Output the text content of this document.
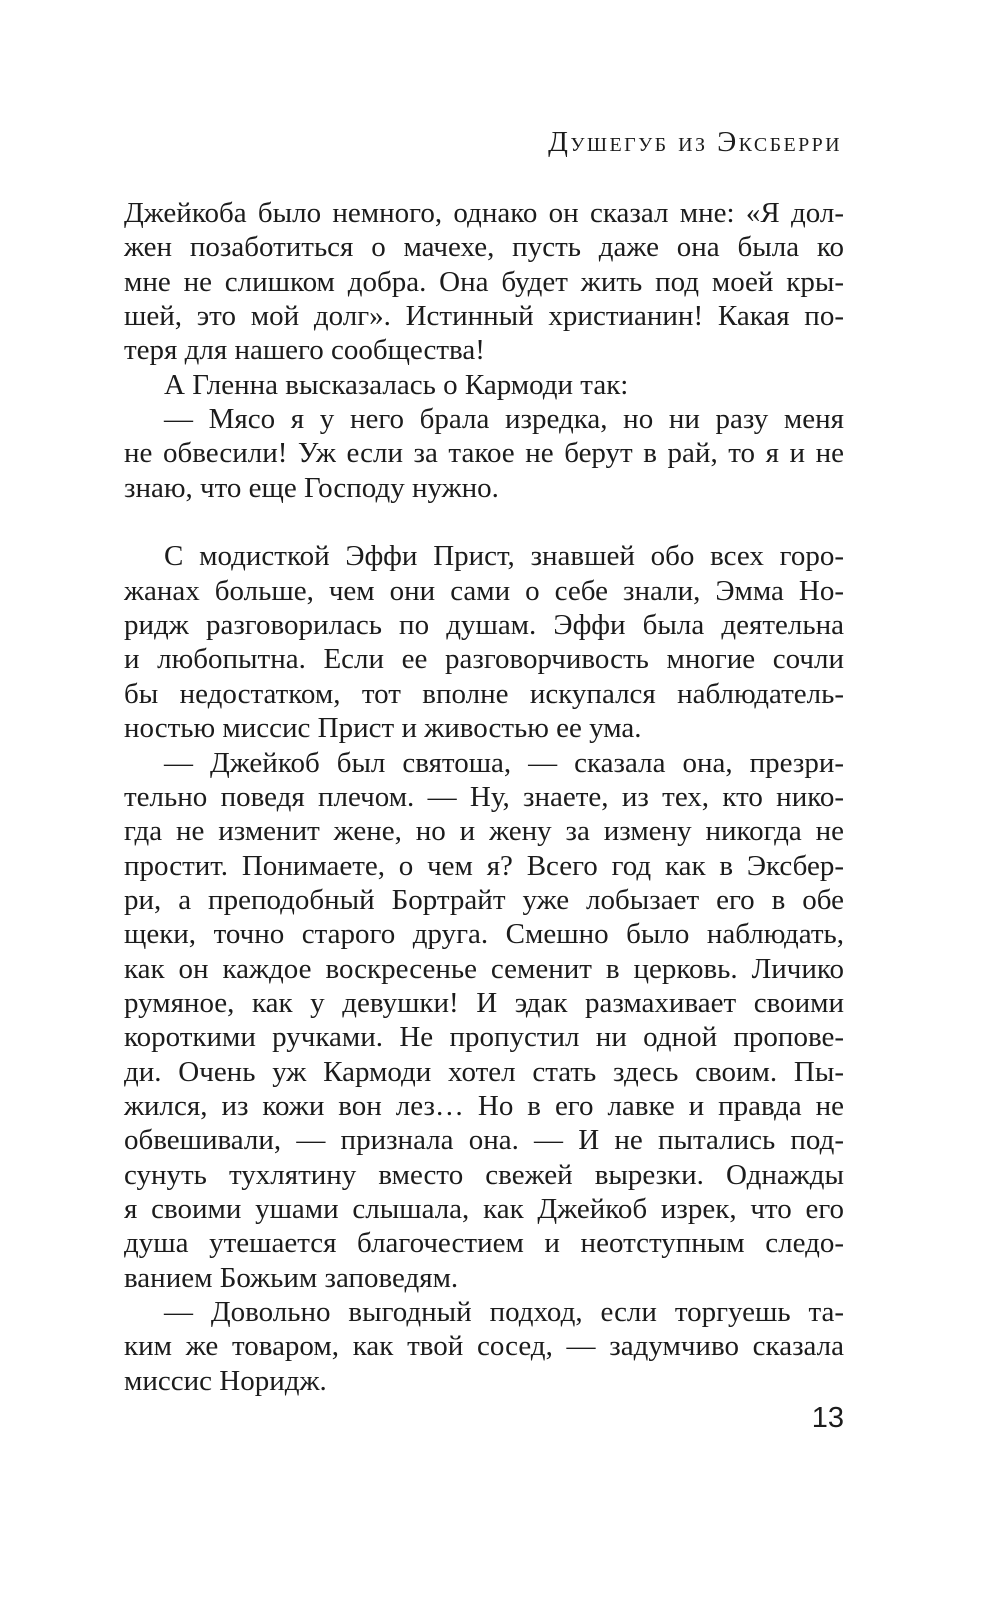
Душегуб из Эксберри
Джейкоба было немного, однако он сказал мне: «Я дол-
жен позаботиться о мачехе, пусть даже она была ко
мне не слишком добра. Она будет жить под моей кры-
шей, это мой долг». Истинный христианин! Какая по-
теря для нашего сообщества!
А Гленна высказалась о Кармоди так:
— Мясо я у него брала изредка, но ни разу меня
не обвесили! Уж если за такое не берут в рай, то я и не
знаю, что еще Господу нужно.
С модисткой Эффи Прист, знавшей обо всех горо-
жанах больше, чем они сами о себе знали, Эмма Но-
ридж разговорилась по душам. Эффи была деятельна
и любопытна. Если ее разговорчивость многие сочли
бы недостатком, тот вполне искупался наблюдатель-
ностью миссис Прист и живостью ее ума.
— Джейкоб был святоша, — сказала она, презри-
тельно поведя плечом. — Ну, знаете, из тех, кто нико-
гда не изменит жене, но и жену за измену никогда не
простит. Понимаете, о чем я? Всего год как в Эксбер-
ри, а преподобный Бортрайт уже лобызает его в обе
щеки, точно старого друга. Смешно было наблюдать,
как он каждое воскресенье семенит в церковь. Личико
румяное, как у девушки! И эдак размахивает своими
короткими ручками. Не пропустил ни одной пропове-
ди. Очень уж Кармоди хотел стать здесь своим. Пы-
жился, из кожи вон лез… Но в его лавке и правда не
обвешивали, — признала она. — И не пытались под-
сунуть тухлятину вместо свежей вырезки. Однажды
я своими ушами слышала, как Джейкоб изрек, что его
душа утешается благочестием и неотступным следо-
ванием Божьим заповедям.
— Довольно выгодный подход, если торгуешь та-
ким же товаром, как твой сосед, — задумчиво сказала
миссис Норидж.
13
